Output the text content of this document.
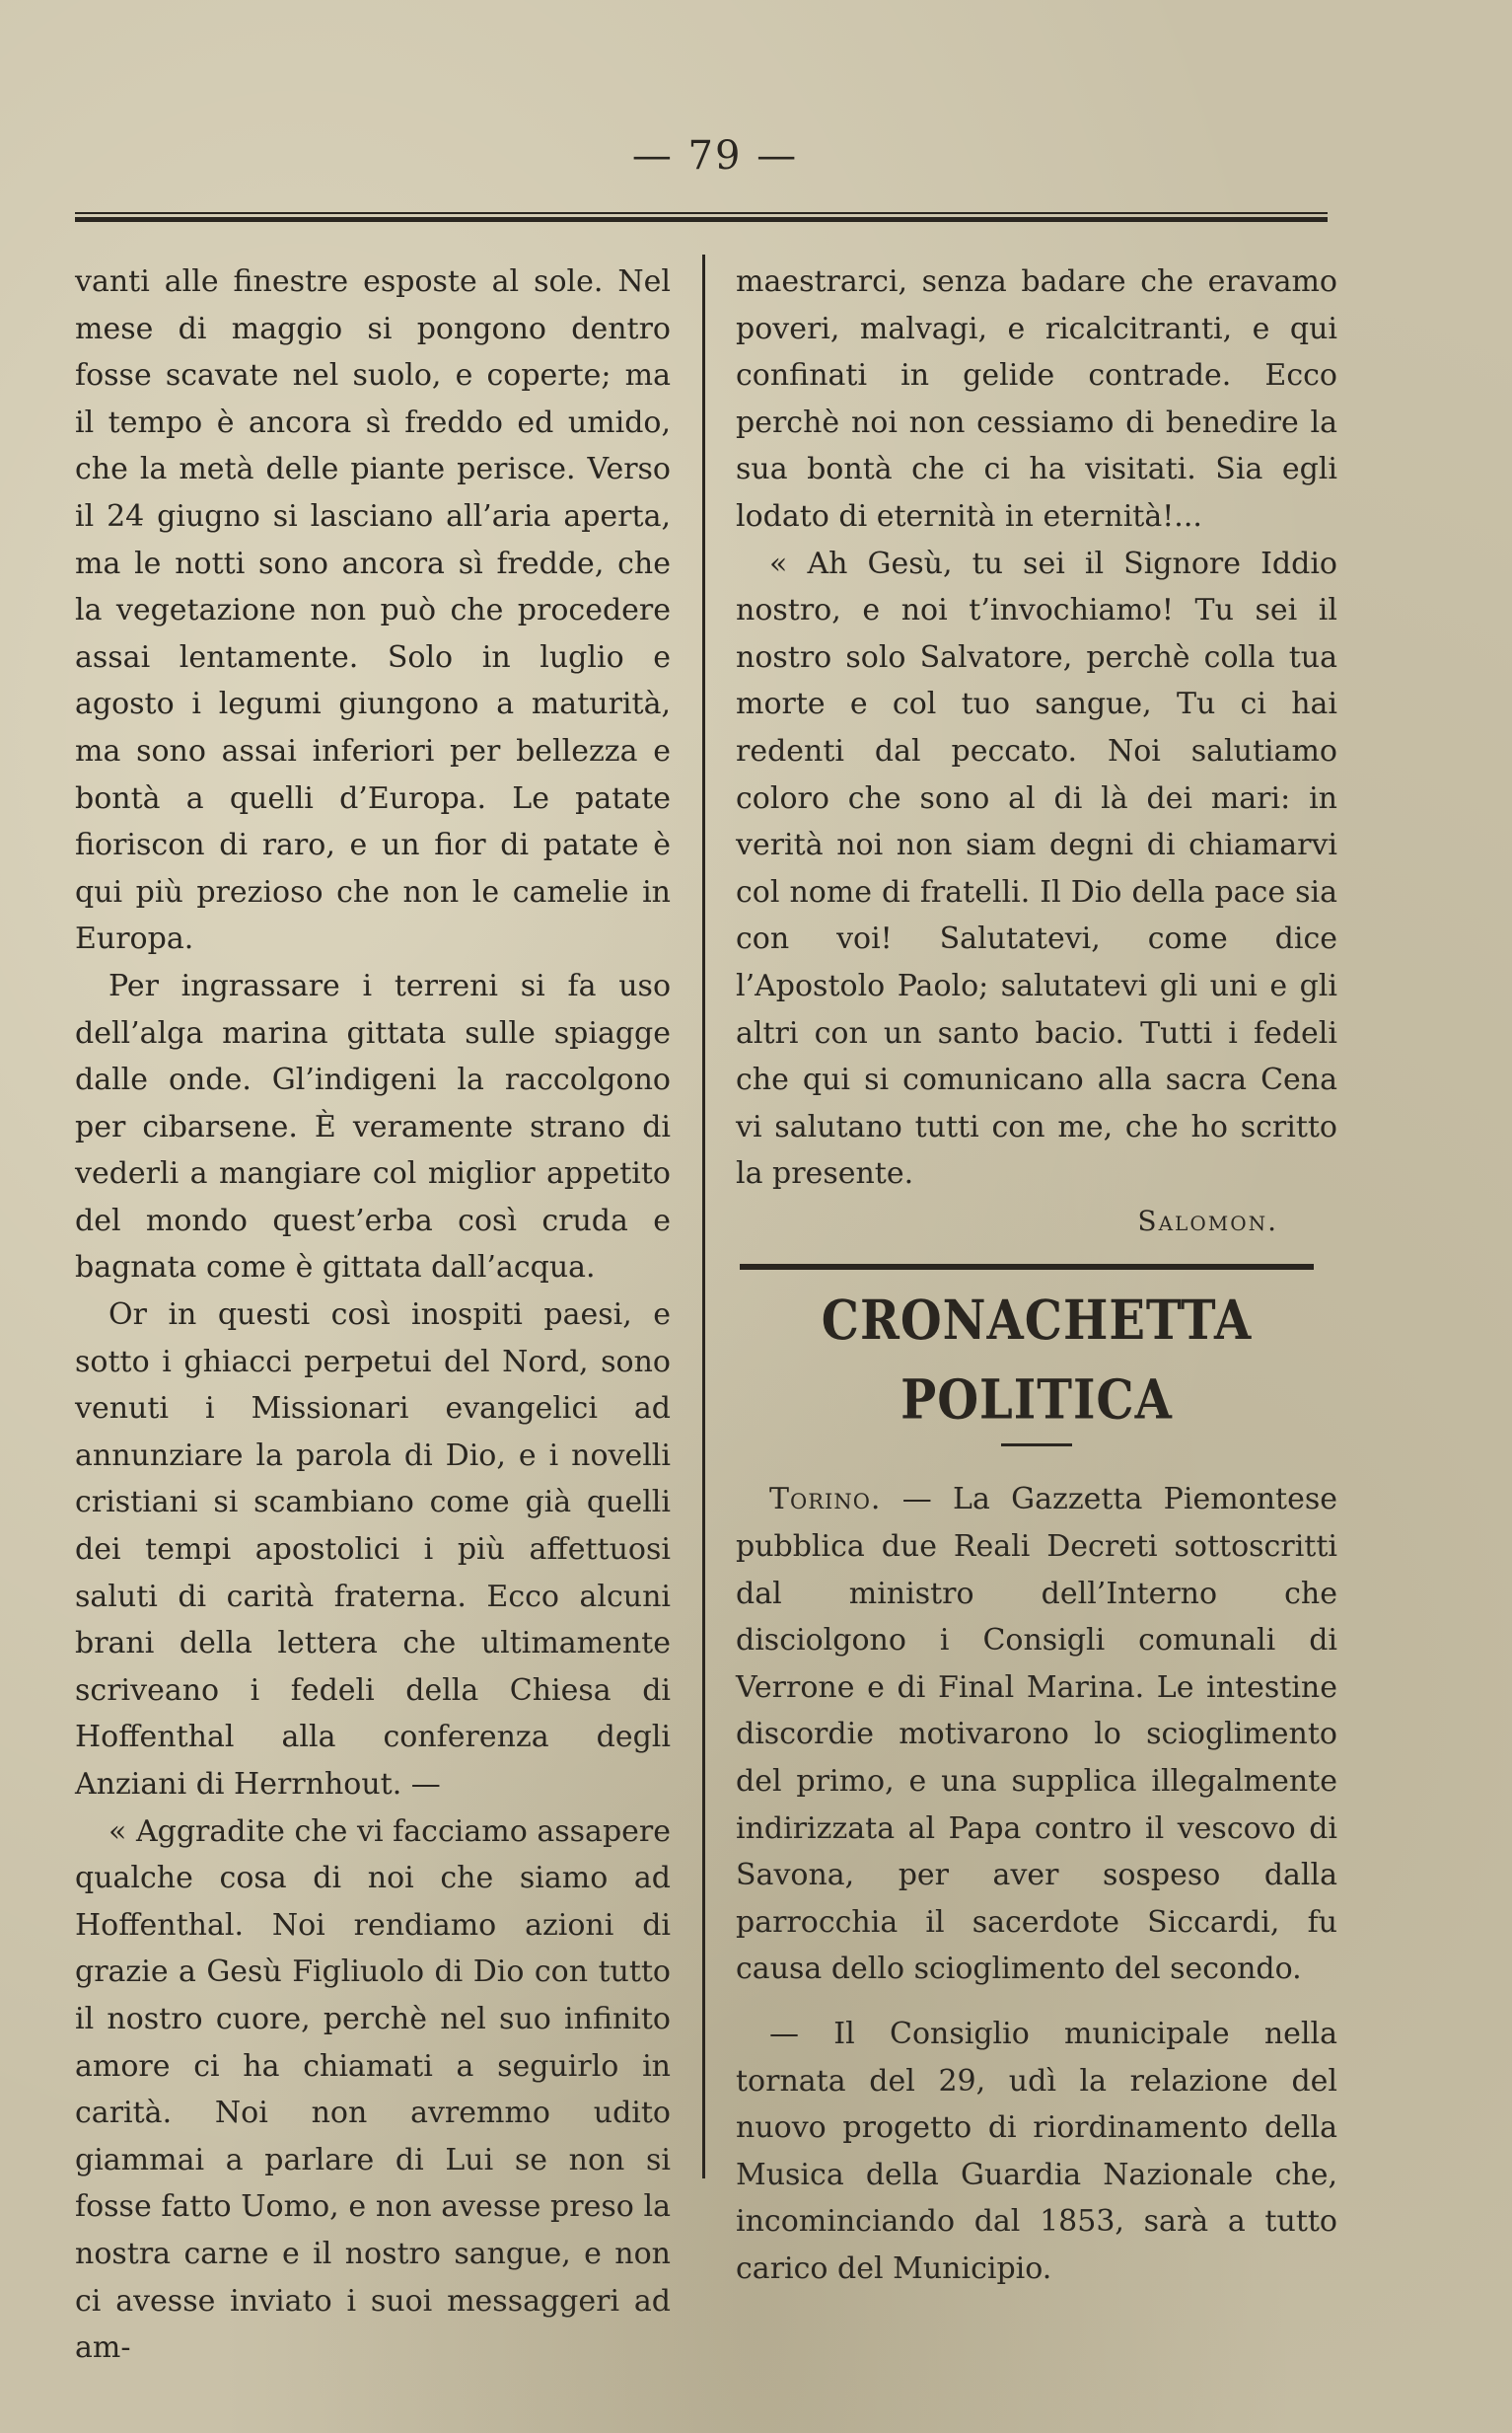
— 79 —

vanti alle finestre esposte al sole. Nel mese di maggio si pongono dentro fosse scavate nel suolo, e coperte; ma il tempo è ancora sì freddo ed umido, che la metà delle piante perisce. Verso il 24 giugno si lasciano all’aria aperta, ma le notti sono ancora sì fredde, che la vegetazione non può che procedere assai lentamente. Solo in luglio e agosto i legumi giungono a maturità, ma sono assai inferiori per bellezza e bontà a quelli d’Europa. Le patate fioriscon di raro, e un fior di patate è qui più prezioso che non le camelie in Europa.

Per ingrassare i terreni si fa uso dell’alga marina gittata sulle spiagge dalle onde. Gl’indigeni la raccolgono per cibarsene. È veramente strano di vederli a mangiare col miglior appetito del mondo quest’erba così cruda e bagnata come è gittata dall’acqua.

Or in questi così inospiti paesi, e sotto i ghiacci perpetui del Nord, sono venuti i Missionari evangelici ad annunziare la parola di Dio, e i novelli cristiani si scambiano come già quelli dei tempi apostolici i più affettuosi saluti di carità fraterna. Ecco alcuni brani della lettera che ultimamente scriveano i fedeli della Chiesa di Hoffenthal alla conferenza degli Anziani di Herrnhout. —

« Aggradite che vi facciamo assapere qualche cosa di noi che siamo ad Hoffenthal. Noi rendiamo azioni di grazie a Gesù Figliuolo di Dio con tutto il nostro cuore, perchè nel suo infinito amore ci ha chiamati a seguirlo in carità. Noi non avremmo udito giammai a parlare di Lui se non si fosse fatto Uomo, e non avesse preso la nostra carne e il nostro sangue, e non ci avesse inviato i suoi messaggeri ad am-

maestrarci, senza badare che eravamo poveri, malvagi, e ricalcitranti, e qui confinati in gelide contrade. Ecco perchè noi non cessiamo di benedire la sua bontà che ci ha visitati. Sia egli lodato di eternità in eternità!...

« Ah Gesù, tu sei il Signore Iddio nostro, e noi t’invochiamo! Tu sei il nostro solo Salvatore, perchè colla tua morte e col tuo sangue, Tu ci hai redenti dal peccato. Noi salutiamo coloro che sono al di là dei mari: in verità noi non siam degni di chiamarvi col nome di fratelli. Il Dio della pace sia con voi! Salutatevi, come dice l’Apostolo Paolo; salutatevi gli uni e gli altri con un santo bacio. Tutti i fedeli che qui si comunicano alla sacra Cena vi salutano tutti con me, che ho scritto la presente.

Salomon.

CRONACHETTA POLITICA

Torino. — La Gazzetta Piemontese pubblica due Reali Decreti sottoscritti dal ministro dell’Interno che disciolgono i Consigli comunali di Verrone e di Final Marina. Le intestine discordie motivarono lo scioglimento del primo, e una supplica illegalmente indirizzata al Papa contro il vescovo di Savona, per aver sospeso dalla parrocchia il sacerdote Siccardi, fu causa dello scioglimento del secondo.

— Il Consiglio municipale nella tornata del 29, udì la relazione del nuovo progetto di riordinamento della Musica della Guardia Nazionale che, incominciando dal 1853, sarà a tutto carico del Municipio.
